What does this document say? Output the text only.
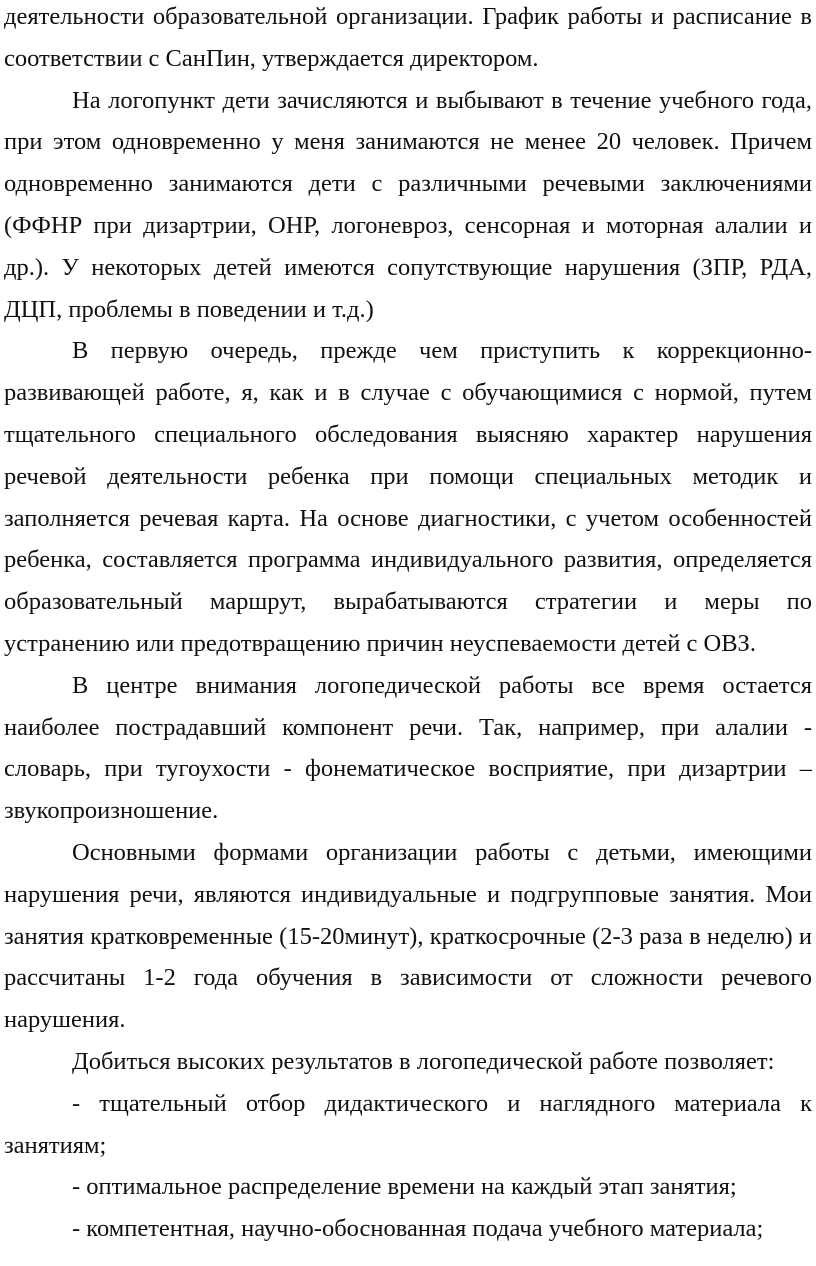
деятельности образовательной организации. График работы и расписание в соответствии с СанПин, утверждается директором.

На логопункт дети зачисляются и выбывают в течение учебного года, при этом одновременно у меня занимаются не менее 20 человек. Причем одновременно занимаются дети с различными речевыми заключениями (ФФНР при дизартрии, ОНР, логоневроз, сенсорная и моторная алалии и др.). У некоторых детей имеются сопутствующие нарушения (ЗПР, РДА, ДЦП, проблемы в поведении и т.д.)

В первую очередь, прежде чем приступить к коррекционно-развивающей работе, я, как и в случае с обучающимися с нормой, путем тщательного специального обследования выясняю характер нарушения речевой деятельности ребенка при помощи специальных методик и заполняется речевая карта. На основе диагностики, с учетом особенностей ребенка, составляется программа индивидуального развития, определяется образовательный маршрут, вырабатываются стратегии и меры по устранению или предотвращению причин неуспеваемости детей с ОВЗ.

В центре внимания логопедической работы все время остается наиболее пострадавший компонент речи. Так, например, при алалии - словарь, при тугоухости - фонематическое восприятие, при дизартрии – звукопроизношение.

Основными формами организации работы с детьми, имеющими нарушения речи, являются индивидуальные и подгрупповые занятия. Мои занятия кратковременные (15-20минут), краткосрочные (2-3 раза в неделю) и рассчитаны 1-2 года обучения в зависимости от сложности речевого нарушения.

Добиться высоких результатов в логопедической работе позволяет:

- тщательный отбор дидактического и наглядного материала к занятиям;

- оптимальное распределение времени на каждый этап занятия;

- компетентная, научно-обоснованная подача учебного материала;
